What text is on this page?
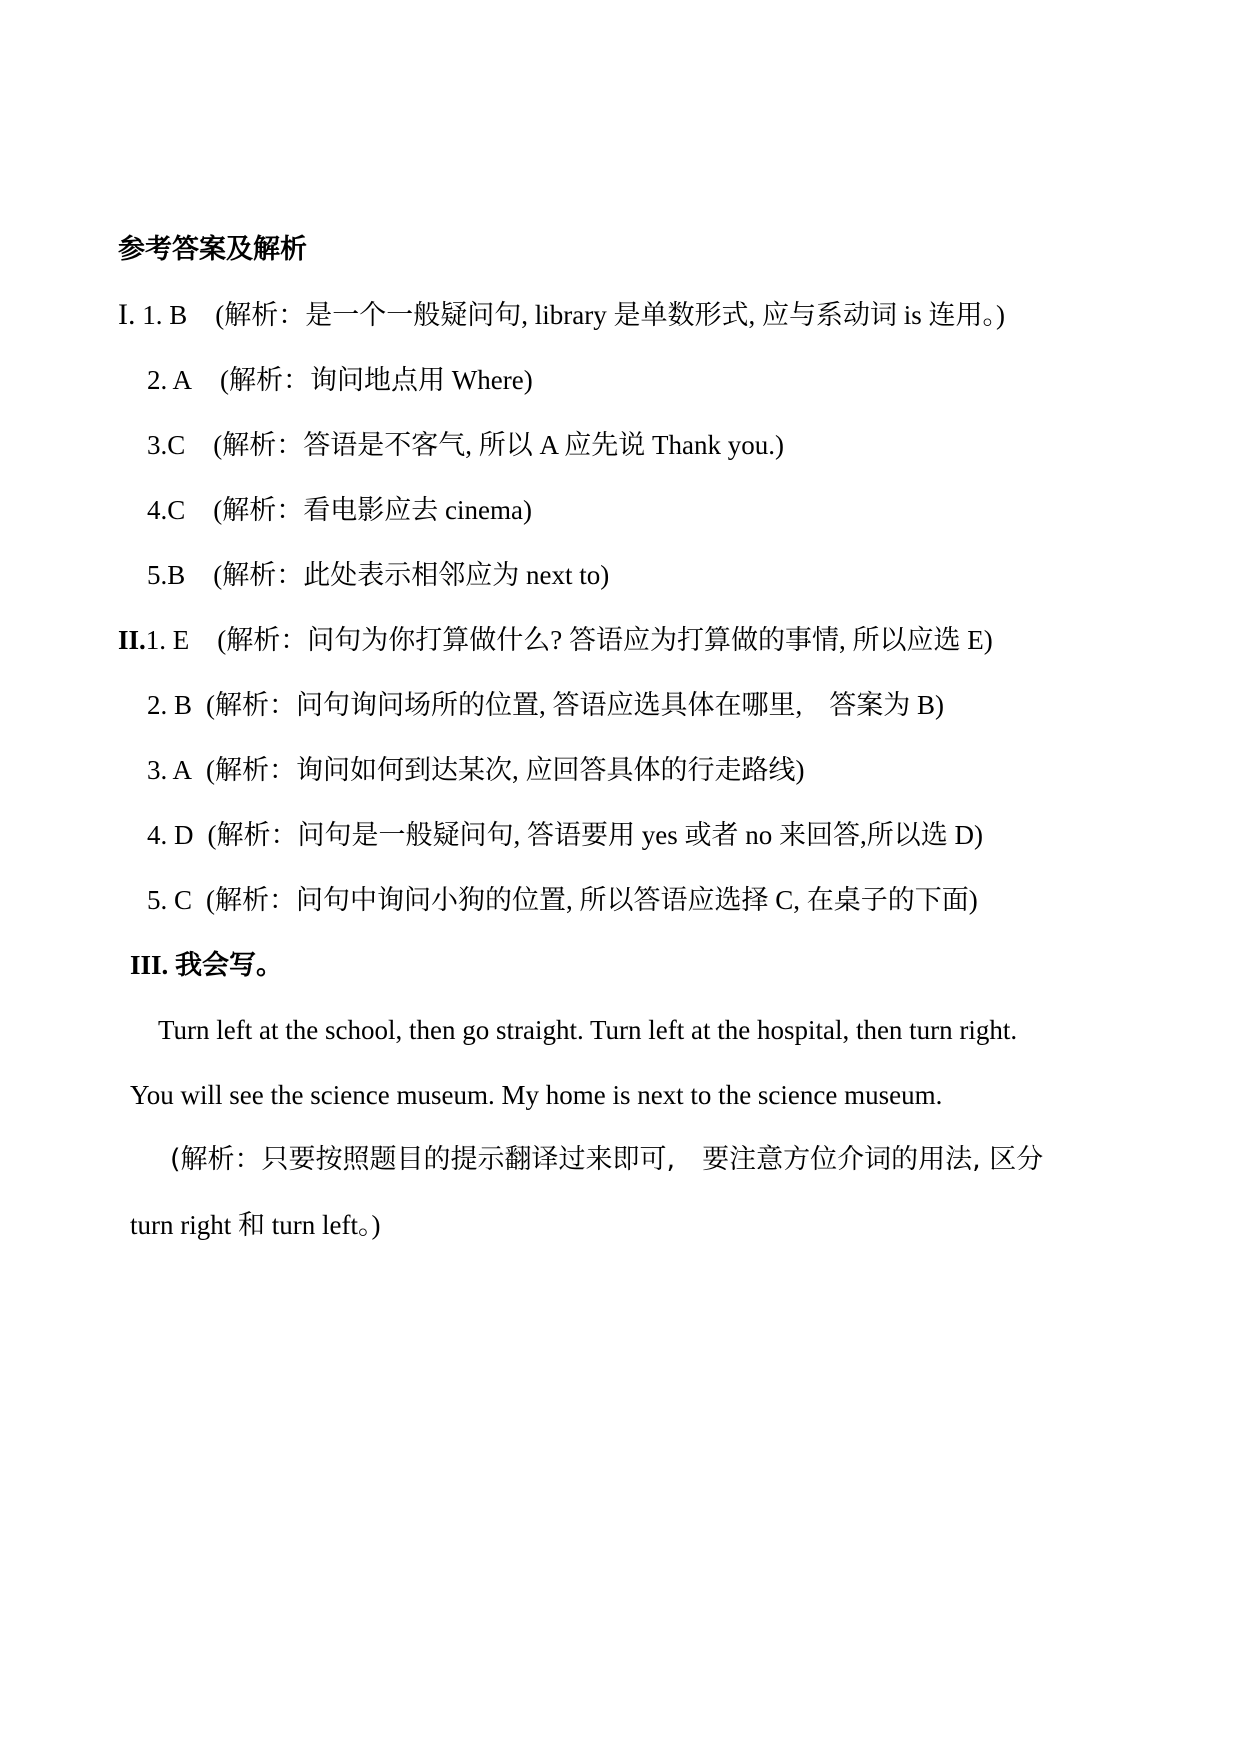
参考答案及解析
I. 1. B (解析：是一个一般疑问句, library 是单数形式, 应与系动词 is 连用。)
2. A (解析：询问地点用 Where)
3.C (解析：答语是不客气, 所以 A 应先说 Thank you.)
4.C (解析：看电影应去 cinema)
5.B (解析：此处表示相邻应为 next to)
II.1. E (解析：问句为你打算做什么? 答语应为打算做的事情, 所以应选 E)
2. B (解析：问句询问场所的位置, 答语应选具体在哪里,　答案为 B)
3. A (解析：询问如何到达某次, 应回答具体的行走路线)
4. D (解析：问句是一般疑问句, 答语要用 yes 或者 no 来回答,所以选 D)
5. C (解析：问句中询问小狗的位置, 所以答语应选择 C, 在桌子的下面)
III. 我会写。
Turn left at the school, then go straight. Turn left at the hospital, then turn right.
You will see the science museum. My home is next to the science museum.
(解析：只要按照题目的提示翻译过来即可,　要注意方位介词的用法, 区分
turn right 和 turn left。)
